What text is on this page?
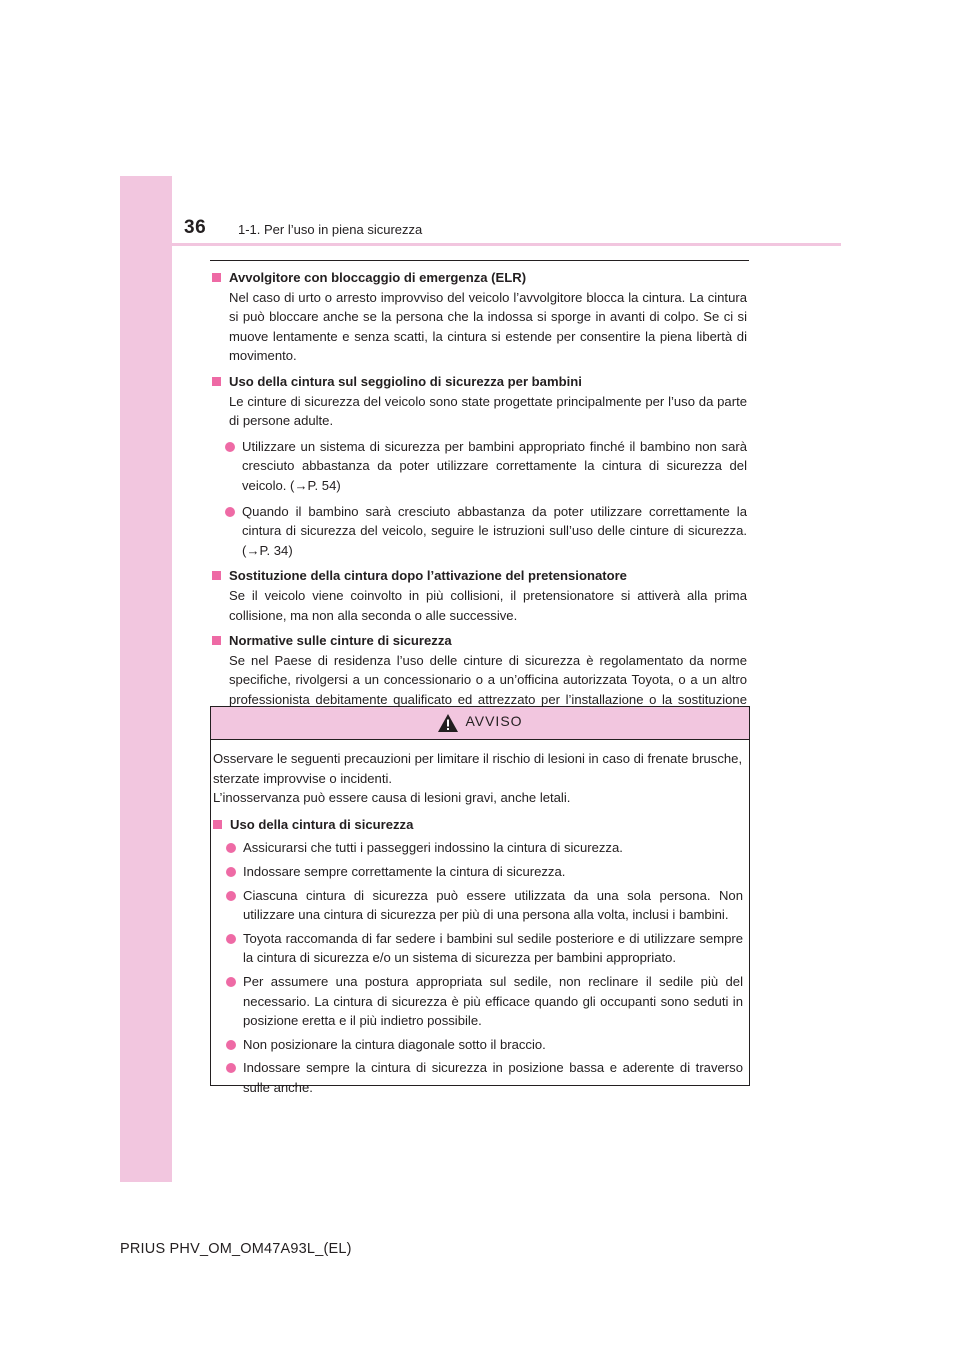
36 1-1. Per l’uso in piena sicurezza
Avvolgitore con bloccaggio di emergenza (ELR)
Nel caso di urto o arresto improvviso del veicolo l’avvolgitore blocca la cintura. La cintura si può bloccare anche se la persona che la indossa si sporge in avanti di colpo. Se ci si muove lentamente e senza scatti, la cintura si estende per consentire la piena libertà di movimento.
Uso della cintura sul seggiolino di sicurezza per bambini
Le cinture di sicurezza del veicolo sono state progettate principalmente per l’uso da parte di persone adulte.
Utilizzare un sistema di sicurezza per bambini appropriato finché il bambino non sarà cresciuto abbastanza da poter utilizzare correttamente la cintura di sicurezza del veicolo. (→P. 54)
Quando il bambino sarà cresciuto abbastanza da poter utilizzare correttamente la cintura di sicurezza del veicolo, seguire le istruzioni sull’uso delle cinture di sicurezza. (→P. 34)
Sostituzione della cintura dopo l’attivazione del pretensionatore
Se il veicolo viene coinvolto in più collisioni, il pretensionatore si attiverà alla prima collisione, ma non alla seconda o alle successive.
Normative sulle cinture di sicurezza
Se nel Paese di residenza l’uso delle cinture di sicurezza è regolamentato da norme specifiche, rivolgersi a un concessionario o a un’officina autorizzata Toyota, o a un altro professionista debitamente qualificato ed attrezzato per l’installazione o la sostituzione
AVVISO
Osservare le seguenti precauzioni per limitare il rischio di lesioni in caso di frenate brusche, sterzate improvvise o incidenti.
L’inosservanza può essere causa di lesioni gravi, anche letali.
Uso della cintura di sicurezza
Assicurarsi che tutti i passeggeri indossino la cintura di sicurezza.
Indossare sempre correttamente la cintura di sicurezza.
Ciascuna cintura di sicurezza può essere utilizzata da una sola persona. Non utilizzare una cintura di sicurezza per più di una persona alla volta, inclusi i bambini.
Toyota raccomanda di far sedere i bambini sul sedile posteriore e di utilizzare sempre la cintura di sicurezza e/o un sistema di sicurezza per bambini appropriato.
Per assumere una postura appropriata sul sedile, non reclinare il sedile più del necessario. La cintura di sicurezza è più efficace quando gli occupanti sono seduti in posizione eretta e il più indietro possibile.
Non posizionare la cintura diagonale sotto il braccio.
Indossare sempre la cintura di sicurezza in posizione bassa e aderente di traverso sulle anche.
PRIUS PHV_OM_OM47A93L_(EL)
